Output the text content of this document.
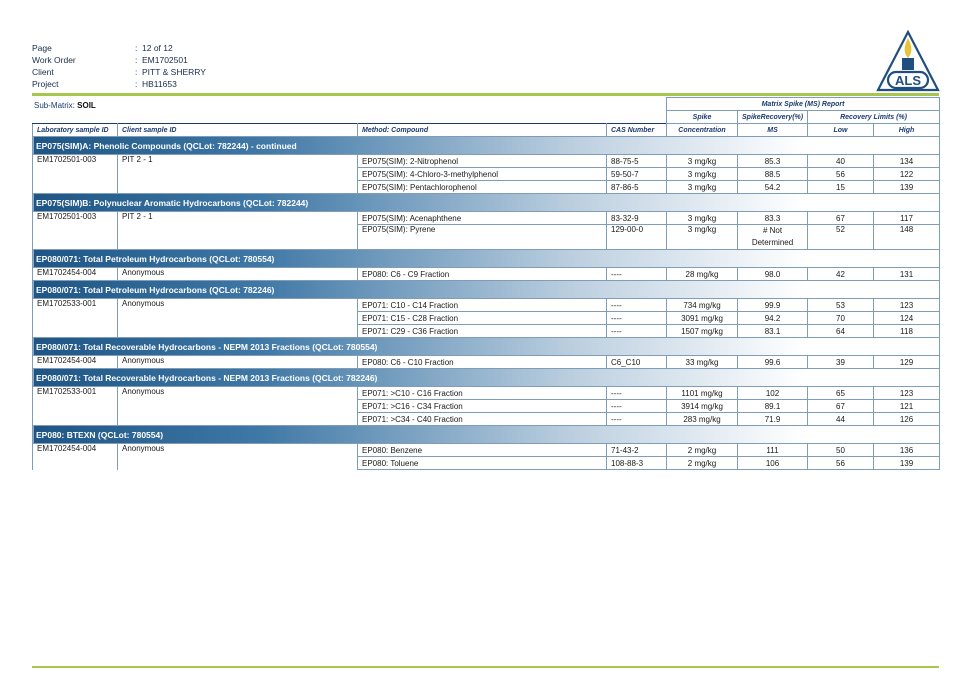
Page	: 12 of 12
Work Order	: EM1702501
Client	: PITT & SHERRY
Project	: HB11653	ALS
Sub-Matrix: SOIL
				Matrix Spike (MS) Report			
				Spike	SpikeRecovery(%)	Recovery Limits (%)	
Laboratory sample ID	Client sample ID	Method: Compound	CAS Number	Concentration	MS	Low	High
EP075(SIM)A: Phenolic Compounds (QCLot: 782244) - continued							
EM1702501-003	PIT 2 - 1	EP075(SIM): 2-Nitrophenol	88-75-5	3 mg/kg	85.3	40	134
		EP075(SIM): 4-Chloro-3-methylphenol	59-50-7	3 mg/kg	88.5	56	122
		EP075(SIM): Pentachlorophenol	87-86-5	3 mg/kg	54.2	15	139
EP075(SIM)B: Polynuclear Aromatic Hydrocarbons (QCLot: 782244)							
EM1702501-003	PIT 2 - 1	EP075(SIM): Acenaphthene	83-32-9	3 mg/kg	83.3	67	117
		EP075(SIM): Pyrene	129-00-0	3 mg/kg	# Not Determined	52	148
EP080/071: Total Petroleum Hydrocarbons (QCLot: 780554)							
EM1702454-004	Anonymous	EP080: C6 - C9 Fraction	----	28 mg/kg	98.0	42	131
EP080/071: Total Petroleum Hydrocarbons (QCLot: 782246)							
EM1702533-001	Anonymous	EP071: C10 - C14 Fraction	----	734 mg/kg	99.9	53	123
		EP071: C15 - C28 Fraction	----	3091 mg/kg	94.2	70	124
		EP071: C29 - C36 Fraction	----	1507 mg/kg	83.1	64	118
EP080/071: Total Recoverable Hydrocarbons - NEPM 2013 Fractions (QCLot: 780554)							
EM1702454-004	Anonymous	EP080: C6 - C10 Fraction	C6_C10	33 mg/kg	99.6	39	129
EP080/071: Total Recoverable Hydrocarbons - NEPM 2013 Fractions (QCLot: 782246)							
EM1702533-001	Anonymous	EP071: >C10 - C16 Fraction	----	1101 mg/kg	102	65	123
		EP071: >C16 - C34 Fraction	----	3914 mg/kg	89.1	67	121
		EP071: >C34 - C40 Fraction	----	283 mg/kg	71.9	44	126
EP080: BTEXN (QCLot: 780554)							
EM1702454-004	Anonymous	EP080: Benzene	71-43-2	2 mg/kg	111	50	136
		EP080: Toluene	108-88-3	2 mg/kg	106	56	139
